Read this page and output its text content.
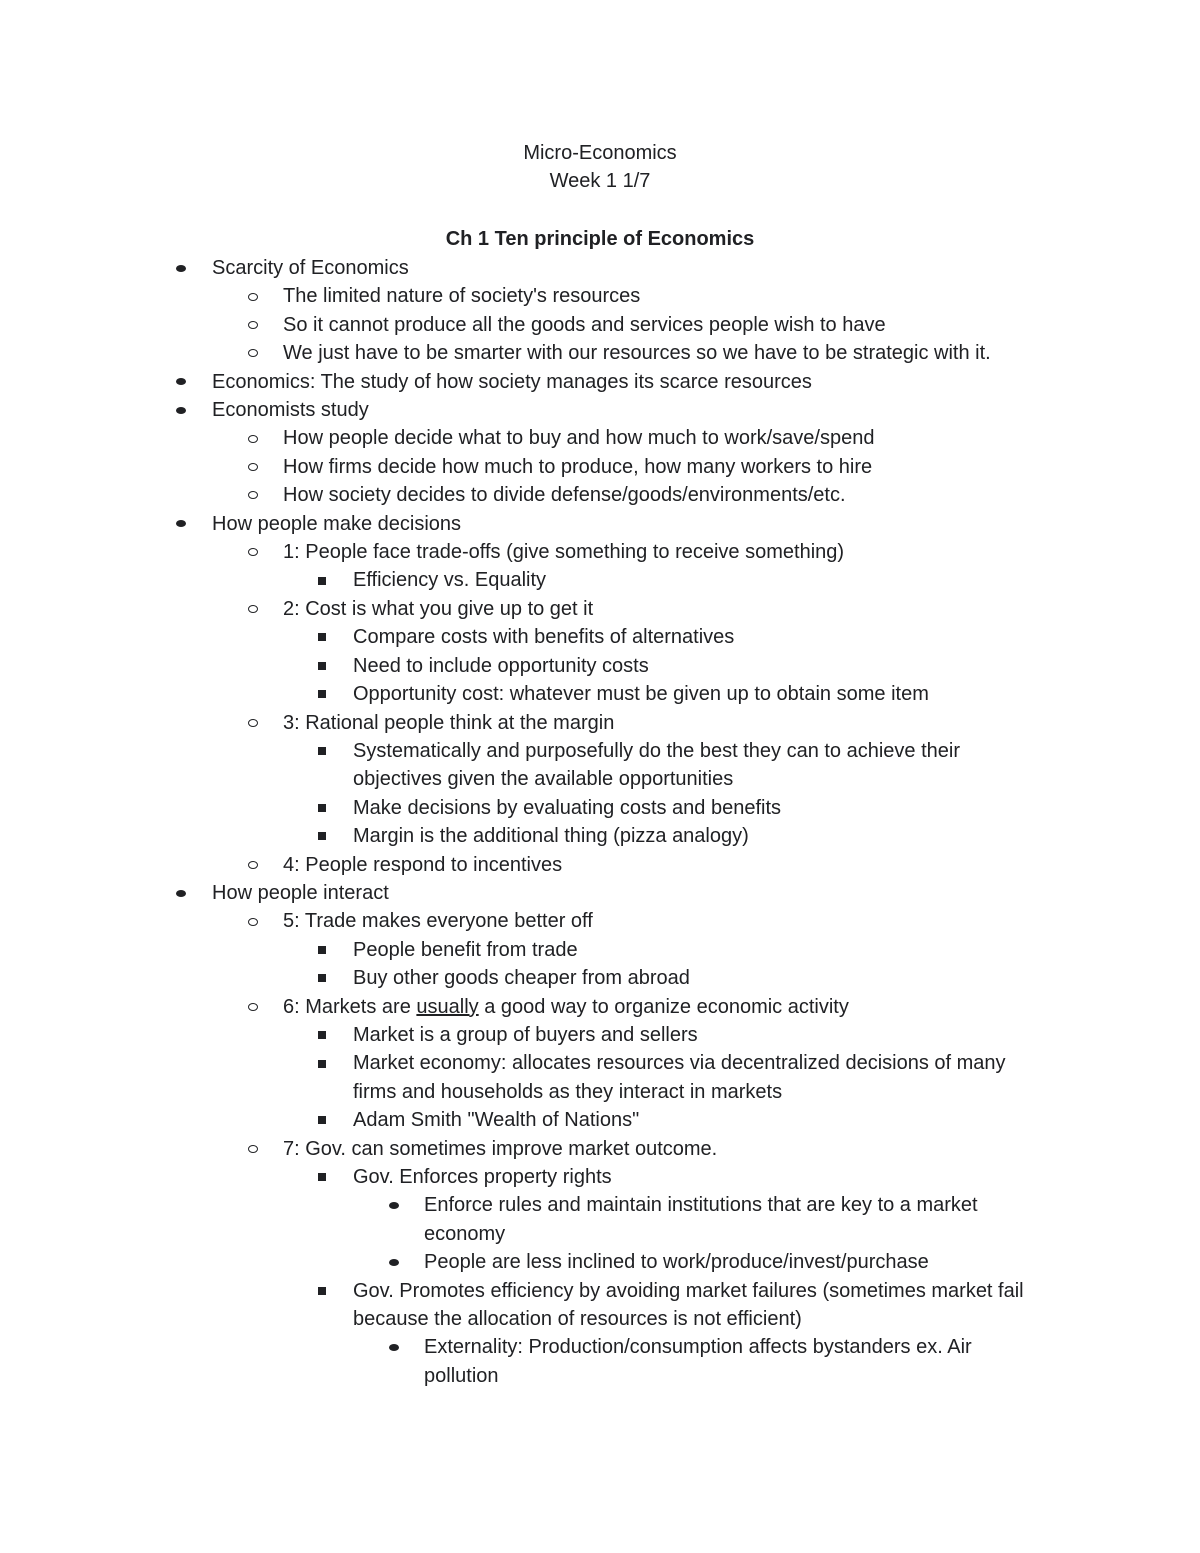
Micro-Economics
Week 1 1/7
Ch 1 Ten principle of Economics
Scarcity of Economics
The limited nature of society's resources
So it cannot produce all the goods and services people wish to have
We just have to be smarter with our resources so we have to be strategic with it.
Economics: The study of how society manages its scarce resources
Economists study
How people decide what to buy and how much to work/save/spend
How firms decide how much to produce, how many workers to hire
How society decides to divide defense/goods/environments/etc.
How people make decisions
1: People face trade-offs (give something to receive something)
Efficiency vs. Equality
2: Cost is what you give up to get it
Compare costs with benefits of alternatives
Need to include opportunity costs
Opportunity cost: whatever must be given up to obtain some item
3: Rational people think at the margin
Systematically and purposefully do the best they can to achieve their objectives given the available opportunities
Make decisions by evaluating costs and benefits
Margin is the additional thing (pizza analogy)
4: People respond to incentives
How people interact
5: Trade makes everyone better off
People benefit from trade
Buy other goods cheaper from abroad
6: Markets are usually a good way to organize economic activity
Market is a group of buyers and sellers
Market economy: allocates resources via decentralized decisions of many firms and households as they interact in markets
Adam Smith "Wealth of Nations"
7: Gov. can sometimes improve market outcome.
Gov. Enforces property rights
Enforce rules and maintain institutions that are key to a market economy
People are less inclined to work/produce/invest/purchase
Gov. Promotes efficiency by avoiding market failures (sometimes market fail because the allocation of resources is not efficient)
Externality: Production/consumption affects bystanders ex. Air pollution
